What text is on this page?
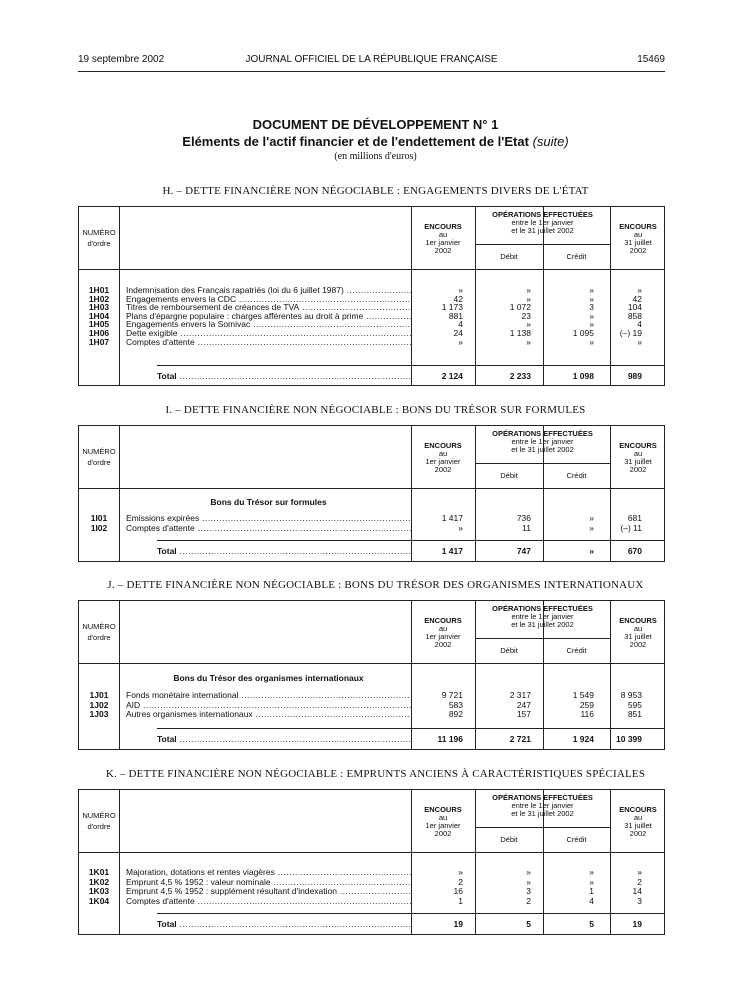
19 septembre 2002	JOURNAL OFFICIEL DE LA RÉPUBLIQUE FRANÇAISE	15469
DOCUMENT DE DÉVELOPPEMENT N° 1
Eléments de l'actif financier et de l'endettement de l'Etat (suite)
(en millions d'euros)
H. – DETTE FINANCIÈRE NON NÉGOCIABLE : ENGAGEMENTS DIVERS DE L'ÉTAT
NUMÉRO
d'ordre
ENCOURS
au
1er janvier
2002
OPÉRATIONS EFFECTUÉES
entre le 1er janvier
et le 31 juillet 2002	ENCOURS
au
31 juillet
2002
Débit	Crédit
1H01	Indemnisation des Français rapatriés (loi du 6 juillet 1987) .....	»	»	»	»
1H02	Engagements envers la CDC .....	42	»	»	42
1H03	Titres de remboursement de créances de TVA .....	1 173	1 072	3	104
1H04	Plans d'épargne populaire : charges afférentes au droit à prime .....	881	23	»	858
1H05	Engagements envers la Somivac .....	4	»	»	4
1H06	Dette exigible .....	24	1 138	1 095	(–) 19
1H07	Comptes d'attente .....	»	»	»	»
Total .....	2 124	2 233	1 098	989
I. – DETTE FINANCIÈRE NON NÉGOCIABLE : BONS DU TRÉSOR SUR FORMULES
NUMÉRO
d'ordre
ENCOURS
au
1er janvier
2002
OPÉRATIONS EFFECTUÉES
entre le 1er janvier
et le 31 juillet 2002	ENCOURS
au
31 juillet
2002
Débit	Crédit
Bons du Trésor sur formules
1I01	Emissions expirées .....	1 417	736	»	681
1I02	Comptes d'attente .....	»	11	»	(–) 11
Total .....	1 417	747	»	670
J. – DETTE FINANCIÈRE NON NÉGOCIABLE : BONS DU TRÉSOR DES ORGANISMES INTERNATIONAUX
NUMÉRO
d'ordre
ENCOURS
au
1er janvier
2002
OPÉRATIONS EFFECTUÉES
entre le 1er janvier
et le 31 juillet 2002	ENCOURS
au
31 juillet
2002
Débit	Crédit
Bons du Trésor des organismes internationaux
1J01	Fonds monétaire international .....	9 721	2 317	1 549	8 953
1J02	AID .....	583	247	259	595
1J03	Autres organismes internationaux .....	892	157	116	851
Total .....	11 196	2 721	1 924	10 399
K. – DETTE FINANCIÈRE NON NÉGOCIABLE : EMPRUNTS ANCIENS À CARACTÉRISTIQUES SPÉCIALES
NUMÉRO
d'ordre
ENCOURS
au
1er janvier
2002
OPÉRATIONS EFFECTUÉES
entre le 1er janvier
et le 31 juillet 2002	ENCOURS
au
31 juillet
2002
Débit	Crédit
1K01	Majoration, dotations et rentes viagères .....	»	»	»	»
1K02	Emprunt 4,5 % 1952 : valeur nominale .....	2	»	»	2
1K03	Emprunt 4,5 % 1952 : supplément résultant d'indexation .....	16	3	1	14
1K04	Comptes d'attente .....	1	2	4	3
Total .....	19	5	5	19
